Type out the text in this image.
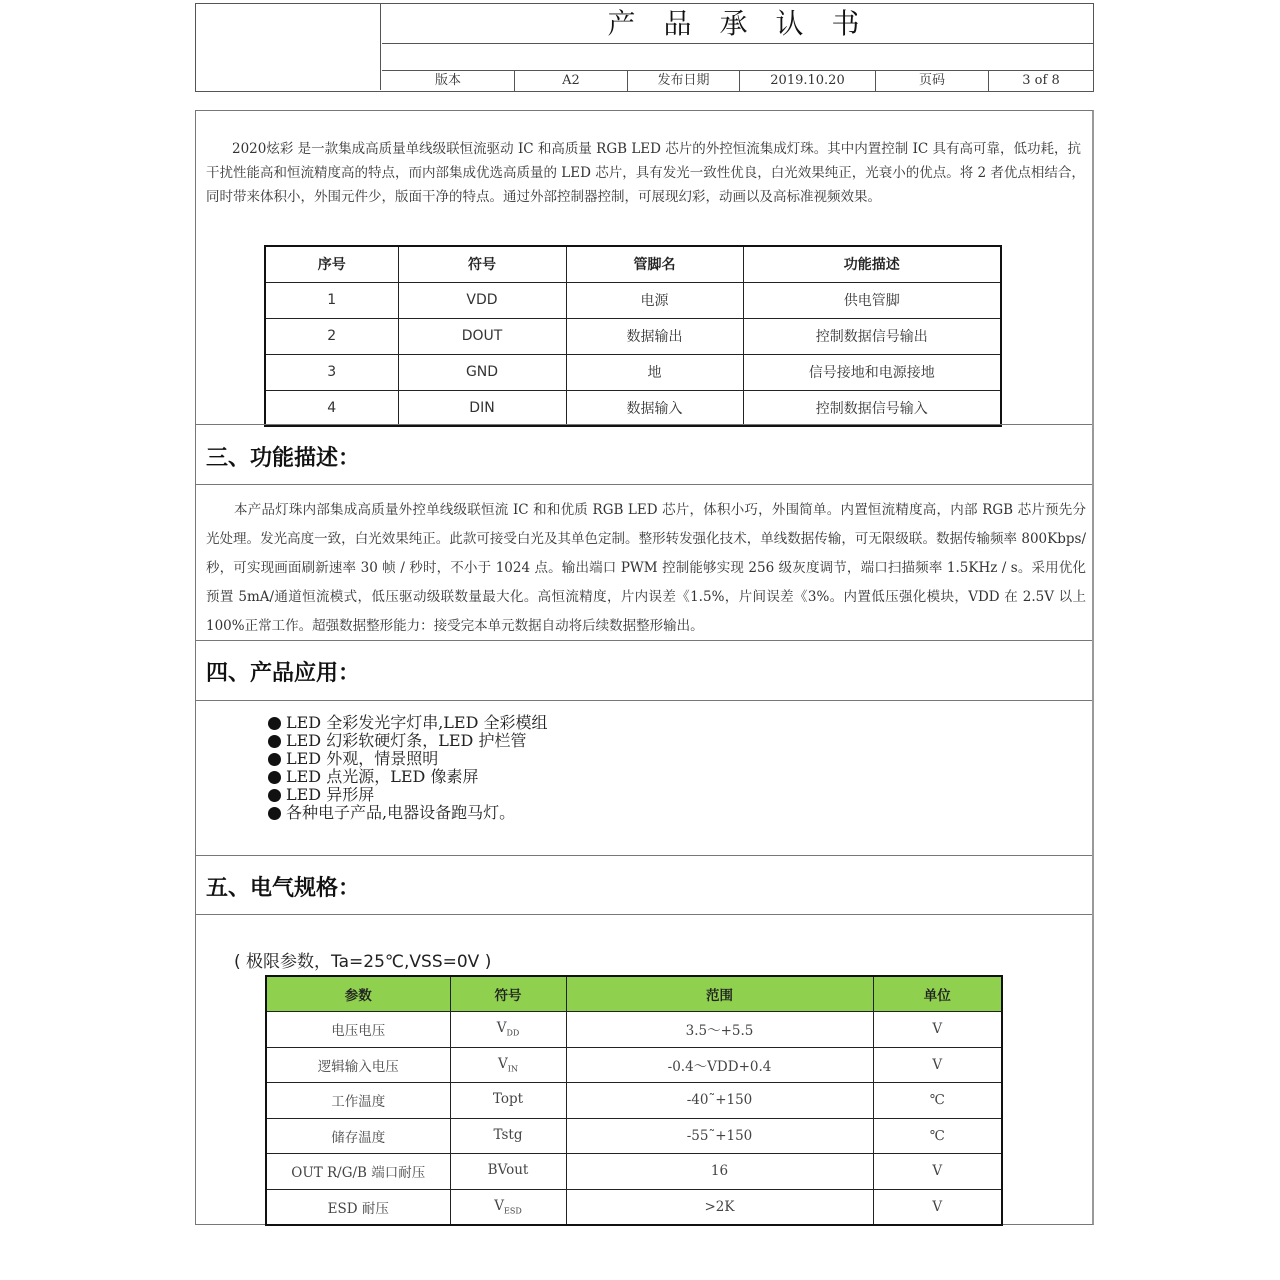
产品承认书
版本	A2	发布日期	2019.10.20	页码	3 of 8

2020炫彩 是一款集成高质量单线级联恒流驱动 IC 和高质量 RGB LED 芯片的外控恒流集成灯珠。其中内置控制 IC 具有高可靠，低功耗，抗干扰性能高和恒流精度高的特点，而内部集成优选高质量的 LED 芯片，具有发光一致性优良，白光效果纯正，光衰小的优点。将 2 者优点相结合，同时带来体积小，外围元件少，版面干净的特点。通过外部控制器控制，可展现幻彩，动画以及高标准视频效果。

序号	符号	管脚名	功能描述
1	VDD	电源	供电管脚
2	DOUT	数据输出	控制数据信号输出
3	GND	地	信号接地和电源接地
4	DIN	数据输入	控制数据信号输入
三、功能描述：

本产品灯珠内部集成高质量外控单线级联恒流 IC 和和优质 RGB LED 芯片，体积小巧，外围简单。内置恒流精度高，内部 RGB 芯片预先分光处理。发光高度一致，白光效果纯正。此款可接受白光及其单色定制。整形转发强化技术，单线数据传输，可无限级联。数据传输频率 800Kbps/秒，可实现画面刷新速率 30 帧 / 秒时，不小于 1024 点。输出端口 PWM 控制能够实现 256 级灰度调节，端口扫描频率 1.5KHz / s。采用优化预置 5mA/通道恒流模式，低压驱动级联数量最大化。高恒流精度，片内误差《1.5%，片间误差《3%。内置低压强化模块，VDD 在 2.5V 以上 100%正常工作。超强数据整形能力：接受完本单元数据自动将后续数据整形输出。

四、产品应用：
LED 全彩发光字灯串,LED 全彩模组
LED 幻彩软硬灯条，LED 护栏管
LED 外观，情景照明
LED 点光源，LED 像素屏
LED 异形屏
各种电子产品,电器设备跑马灯。
五、电气规格：
( 极限参数，Ta=25℃,VSS=0V )
参数	符号	范围	单位
电压电压	$V_{DD}$	3.5～+5.5	V
逻辑输入电压	$V_{IN}$	-0.4～VDD+0.4	V
工作温度	Topt	-40˜+150	℃
储存温度	Tstg	-55˜+150	℃
OUT R/G/B 端口耐压	BVout	16	V
ESD 耐压	$V_{ESD}$	>2K	V
